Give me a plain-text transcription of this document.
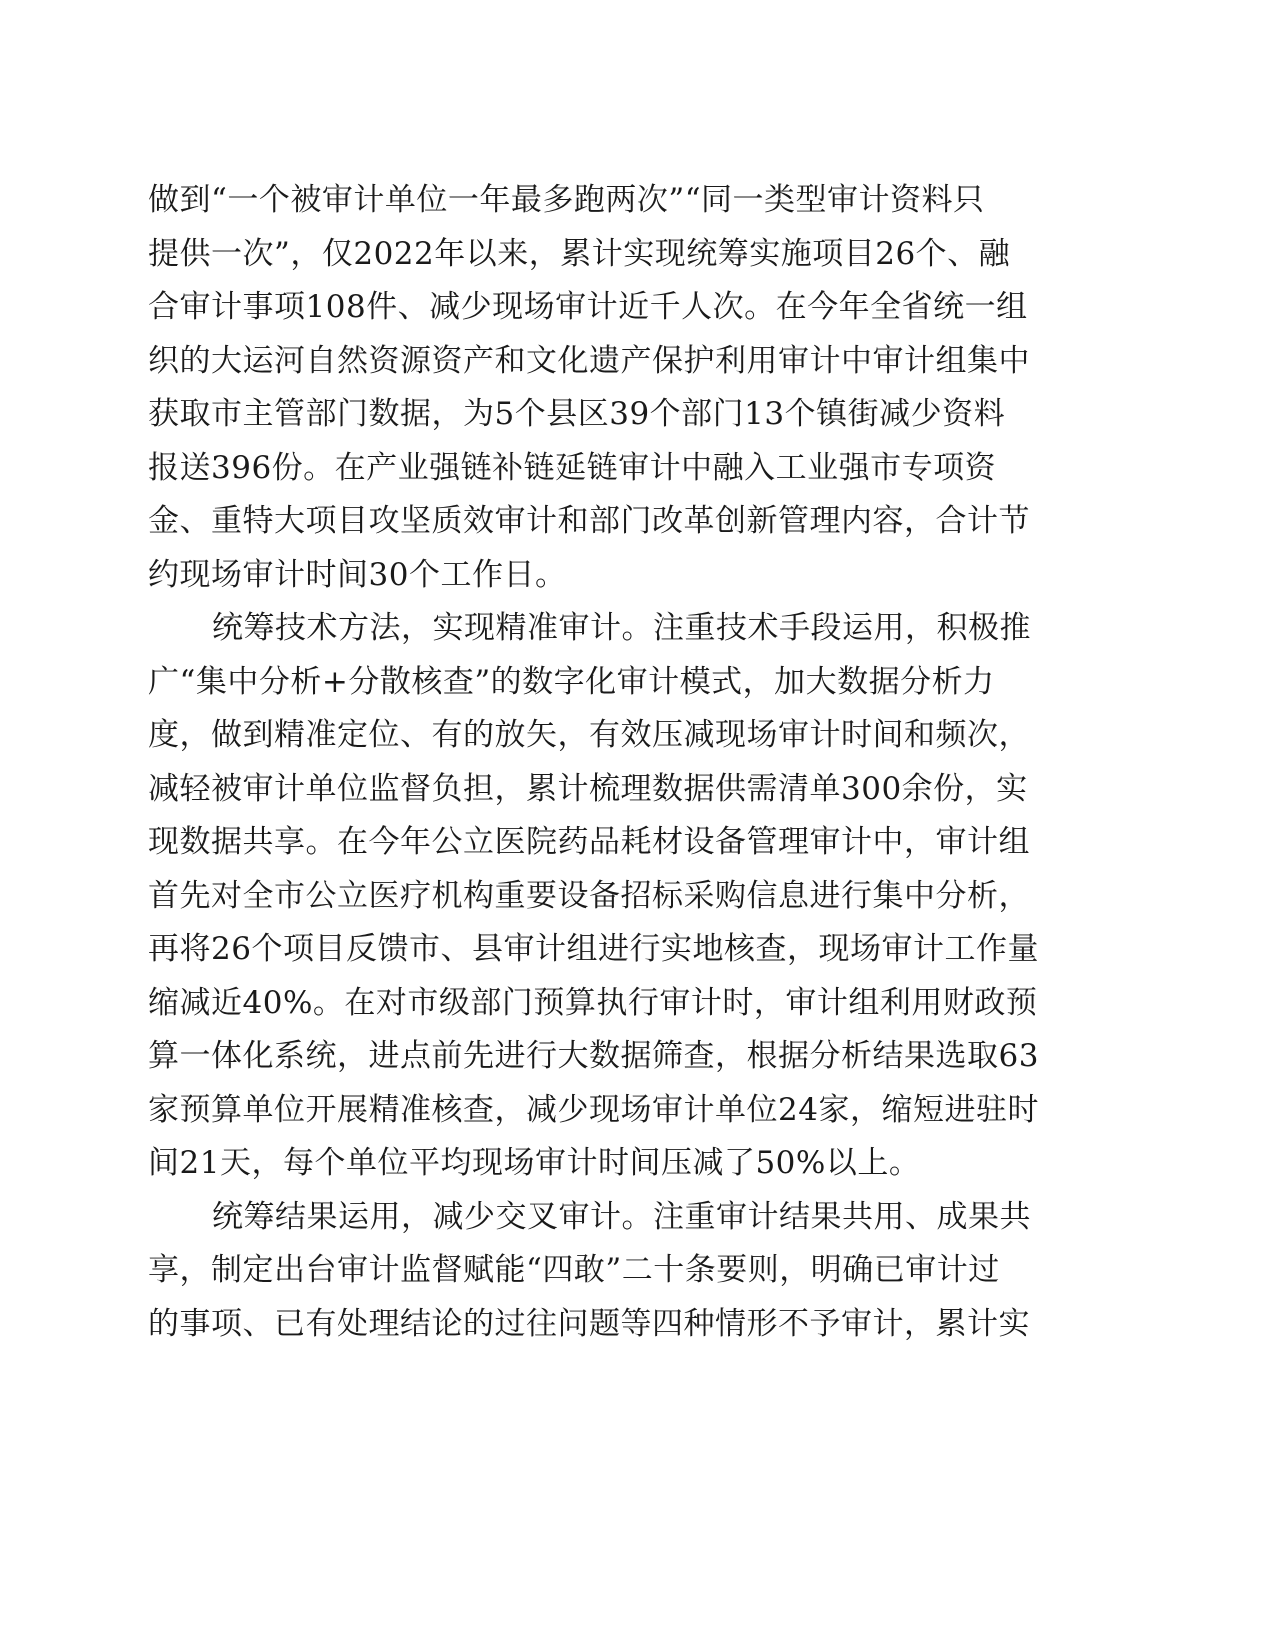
做到“一个被审计单位一年最多跑两次”“同一类型审计资料只
提供一次”，仅2022年以来，累计实现统筹实施项目26个、融
合审计事项108件、减少现场审计近千人次。在今年全省统一组
织的大运河自然资源资产和文化遗产保护利用审计中审计组集中
获取市主管部门数据，为5个县区39个部门13个镇街减少资料
报送396份。在产业强链补链延链审计中融入工业强市专项资
金、重特大项目攻坚质效审计和部门改革创新管理内容，合计节
约现场审计时间30个工作日。
统筹技术方法，实现精准审计。注重技术手段运用，积极推
广“集中分析+分散核查”的数字化审计模式，加大数据分析力
度，做到精准定位、有的放矢，有效压减现场审计时间和频次，
减轻被审计单位监督负担，累计梳理数据供需清单300余份，实
现数据共享。在今年公立医院药品耗材设备管理审计中，审计组
首先对全市公立医疗机构重要设备招标采购信息进行集中分析，
再将26个项目反馈市、县审计组进行实地核查，现场审计工作量
缩减近40%。在对市级部门预算执行审计时，审计组利用财政预
算一体化系统，进点前先进行大数据筛查，根据分析结果选取63
家预算单位开展精准核查，减少现场审计单位24家，缩短进驻时
间21天，每个单位平均现场审计时间压减了50%以上。
统筹结果运用，减少交叉审计。注重审计结果共用、成果共
享，制定出台审计监督赋能“四敢”二十条要则，明确已审计过
的事项、已有处理结论的过往问题等四种情形不予审计，累计实
